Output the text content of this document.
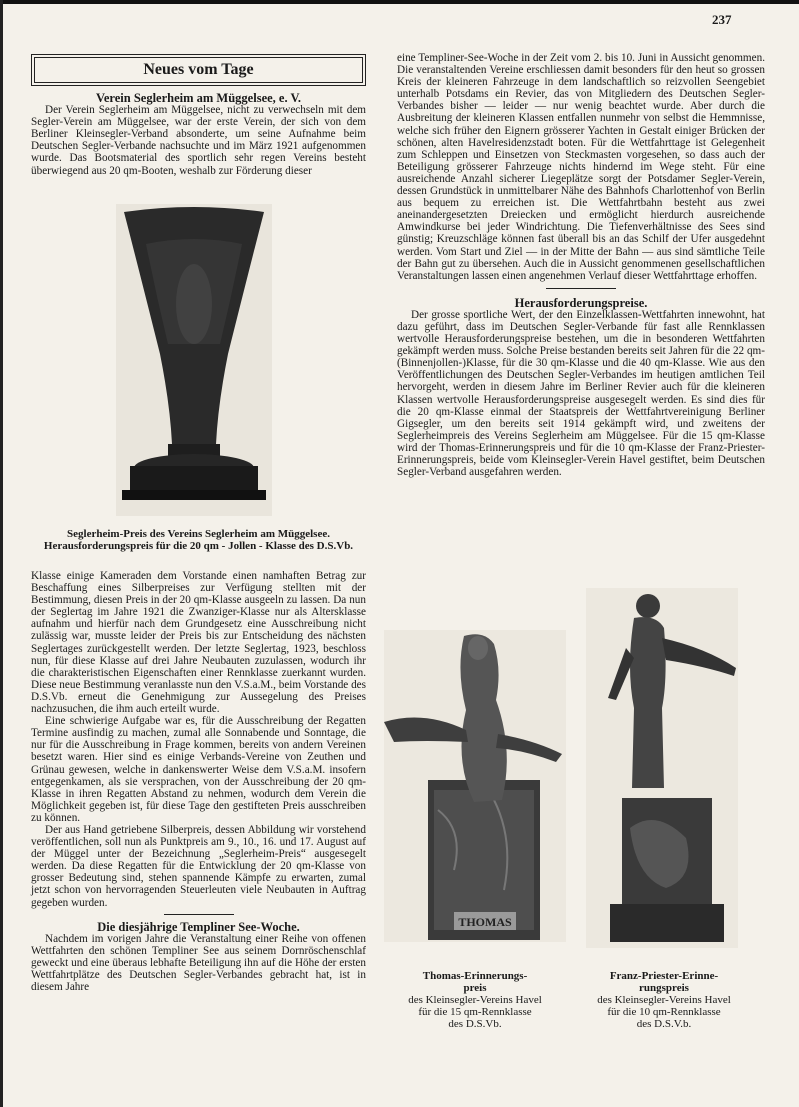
237
Neues vom Tage
Verein Seglerheim am Müggelsee, e. V.

Der Verein Seglerheim am Müggelsee, nicht zu verwechseln mit dem Segler-Verein am Müggelsee, war der erste Verein, der sich von dem Berliner Kleinsegler-Verband absonderte, um seine Aufnahme beim Deutschen Segler-Verbande nachsuchte und im März 1921 aufgenommen wurde. Das Bootsmaterial des sportlich sehr regen Vereins besteht überwiegend aus 20 qm-Booten, weshalb zur Förderung dieser

Seglerheim-Preis des Vereins Seglerheim am Müggelsee.
Herausforderungspreis für die 20 qm - Jollen - Klasse des D.S.Vb.

Klasse einige Kameraden dem Vorstande einen namhaften Betrag zur Beschaffung eines Silberpreises zur Verfügung stellten mit der Bestimmung, diesen Preis in der 20 qm-Klasse ausgeeln zu lassen. Da nun der Seglertag im Jahre 1921 die Zwanziger-Klasse nur als Altersklasse aufnahm und hierfür nach dem Grundgesetz eine Ausschreibung nicht zulässig war, musste leider der Preis bis zur Entscheidung des nächsten Seglertages zurückgestellt werden. Der letzte Seglertag, 1923, beschloss nun, für diese Klasse auf drei Jahre Neubauten zuzulassen, wodurch ihr die charakteristischen Eigenschaften einer Rennklasse zuerkannt wurden. Diese neue Bestimmung veranlasste nun den V.S.a.M., beim Vorstande des D.S.Vb. erneut die Genehmigung zur Aussegelung des Preises nachzusuchen, die ihm auch erteilt wurde.

Eine schwierige Aufgabe war es, für die Ausschreibung der Regatten Termine ausfindig zu machen, zumal alle Sonnabende und Sonntage, die nur für die Ausschreibung in Frage kommen, bereits von andern Vereinen besetzt waren. Hier sind es einige Verbands-Vereine von Zeuthen und Grünau gewesen, welche in dankenswerter Weise dem V.S.a.M. insofern entgegenkamen, als sie versprachen, von der Ausschreibung der 20 qm-Klasse in ihren Regatten Abstand zu nehmen, wodurch dem Verein die Möglichkeit gegeben ist, für diese Tage den gestifteten Preis ausschreiben zu können.

Der aus Hand getriebene Silberpreis, dessen Abbildung wir vorstehend veröffentlichen, soll nun als Punktpreis am 9., 10., 16. und 17. August auf der Müggel unter der Bezeichnung „Seglerheim-Preis“ ausgesegelt werden. Da diese Regatten für die Entwicklung der 20 qm-Klasse von grosser Bedeutung sind, stehen spannende Kämpfe zu erwarten, zumal jetzt schon von hervorragenden Steuerleuten viele Neubauten in Auftrag gegeben wurden.

Die diesjährige Templiner See-Woche.

Nachdem im vorigen Jahre die Veranstaltung einer Reihe von offenen Wettfahrten den schönen Templiner See aus seinem Dornröschenschlaf geweckt und eine überaus lebhafte Beteiligung ihn auf die Höhe der ersten Wettfahrtplätze des Deutschen Segler-Verbandes gebracht hat, ist in diesem Jahre

eine Templiner-See-Woche in der Zeit vom 2. bis 10. Juni in Aussicht genommen. Die veranstaltenden Vereine erschliessen damit besonders für den heut so grossen Kreis der kleineren Fahrzeuge in dem landschaftlich so reizvollen Seengebiet unterhalb Potsdams ein Revier, das von Mitgliedern des Deutschen Segler-Verbandes bisher — leider — nur wenig beachtet wurde. Aber durch die Ausbreitung der kleineren Klassen entfallen nunmehr von selbst die Hemmnisse, welche sich früher den Eignern grösserer Yachten in Gestalt einiger Brücken der schönen, alten Havelresidenzstadt boten. Für die Wettfahrttage ist Gelegenheit zum Schleppen und Einsetzen von Steckmasten vorgesehen, so dass auch der Beteiligung grösserer Fahrzeuge nichts hindernd im Wege steht. Für eine ausreichende Anzahl sicherer Liegeplätze sorgt der Potsdamer Segler-Verein, dessen Grundstück in unmittelbarer Nähe des Bahnhofs Charlottenhof von Berlin aus bequem zu erreichen ist. Die Wettfahrtbahn besteht aus zwei aneinandergesetzten Dreiecken und ermöglicht hierdurch ausreichende Amwindkurse bei jeder Windrichtung. Die Tiefenverhältnisse des Sees sind günstig; Kreuzschläge können fast überall bis an das Schilf der Ufer ausgedehnt werden. Vom Start und Ziel — in der Mitte der Bahn — aus sind sämtliche Teile der Bahn gut zu übersehen. Auch die in Aussicht genommenen gesellschaftlichen Veranstaltungen lassen einen angenehmen Verlauf dieser Wettfahrttage erhoffen.

Herausforderungspreise.

Der grosse sportliche Wert, der den Einzelklassen-Wettfahrten innewohnt, hat dazu geführt, dass im Deutschen Segler-Verbande für fast alle Rennklassen wertvolle Herausforderungspreise bestehen, um die in besonderen Wettfahrten gekämpft werden muss. Solche Preise bestanden bereits seit Jahren für die 22 qm-(Binnenjollen-)Klasse, für die 30 qm-Klasse und die 40 qm-Klasse. Wie aus den Veröffentlichungen des Deutschen Segler-Verbandes im heutigen amtlichen Teil hervorgeht, werden in diesem Jahre im Berliner Revier auch für die kleineren Klassen wertvolle Herausforderungspreise ausgesegelt werden. Es sind dies für die 20 qm-Klasse einmal der Staatspreis der Wettfahrtvereinigung Berliner Gigsegler, um den bereits seit 1914 gekämpft wird, und zweitens der Seglerheimpreis des Vereins Seglerheim am Müggelsee. Für die 15 qm-Klasse wird der Thomas-Erinnerungspreis und für die 10 qm-Klasse der Franz-Priester-Erinnerungspreis, beide vom Kleinsegler-Verein Havel gestiftet, beim Deutschen Segler-Verband ausgefahren werden.

THOMAS
Thomas-Erinnerungs-
preis
des Kleinsegler-Vereins Havel
für die 15 qm-Rennklasse
des D.S.Vb.
Franz-Priester-Erinne-
rungspreis
des Kleinsegler-Vereins Havel
für die 10 qm-Rennklasse
des D.S.V.b.
